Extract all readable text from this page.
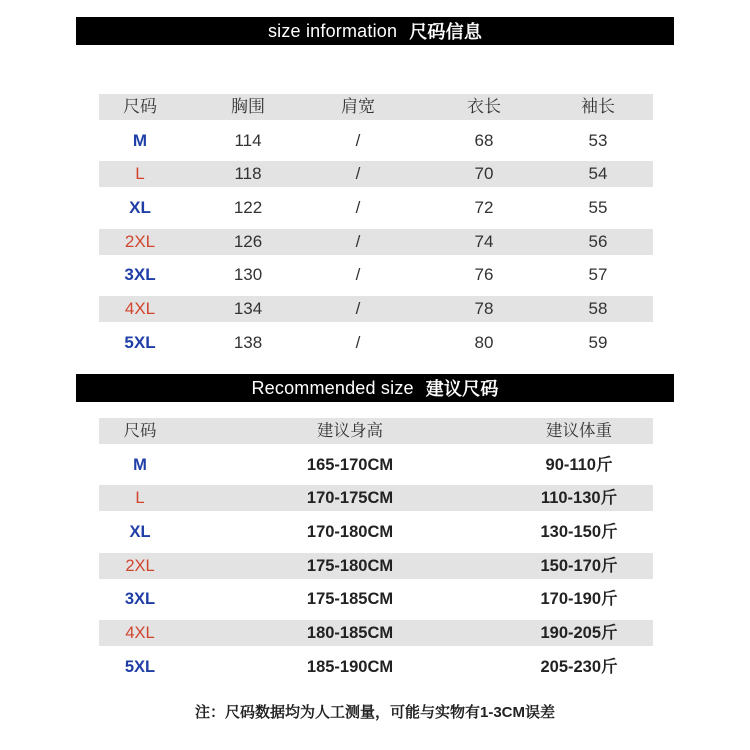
size information 尺码信息
尺码	胸围	肩宽	衣长	袖长
M	114	/	68	53
L	118	/	70	54
XL	122	/	72	55
2XL	126	/	74	56
3XL	130	/	76	57
4XL	134	/	78	58
5XL	138	/	80	59
Recommended size 建议尺码
尺码	建议身高	建议体重
M	165-170CM	90-110斤
L	170-175CM	110-130斤
XL	170-180CM	130-150斤
2XL	175-180CM	150-170斤
3XL	175-185CM	170-190斤
4XL	180-185CM	190-205斤
5XL	185-190CM	205-230斤
注：尺码数据均为人工测量，可能与实物有1-3CM误差
